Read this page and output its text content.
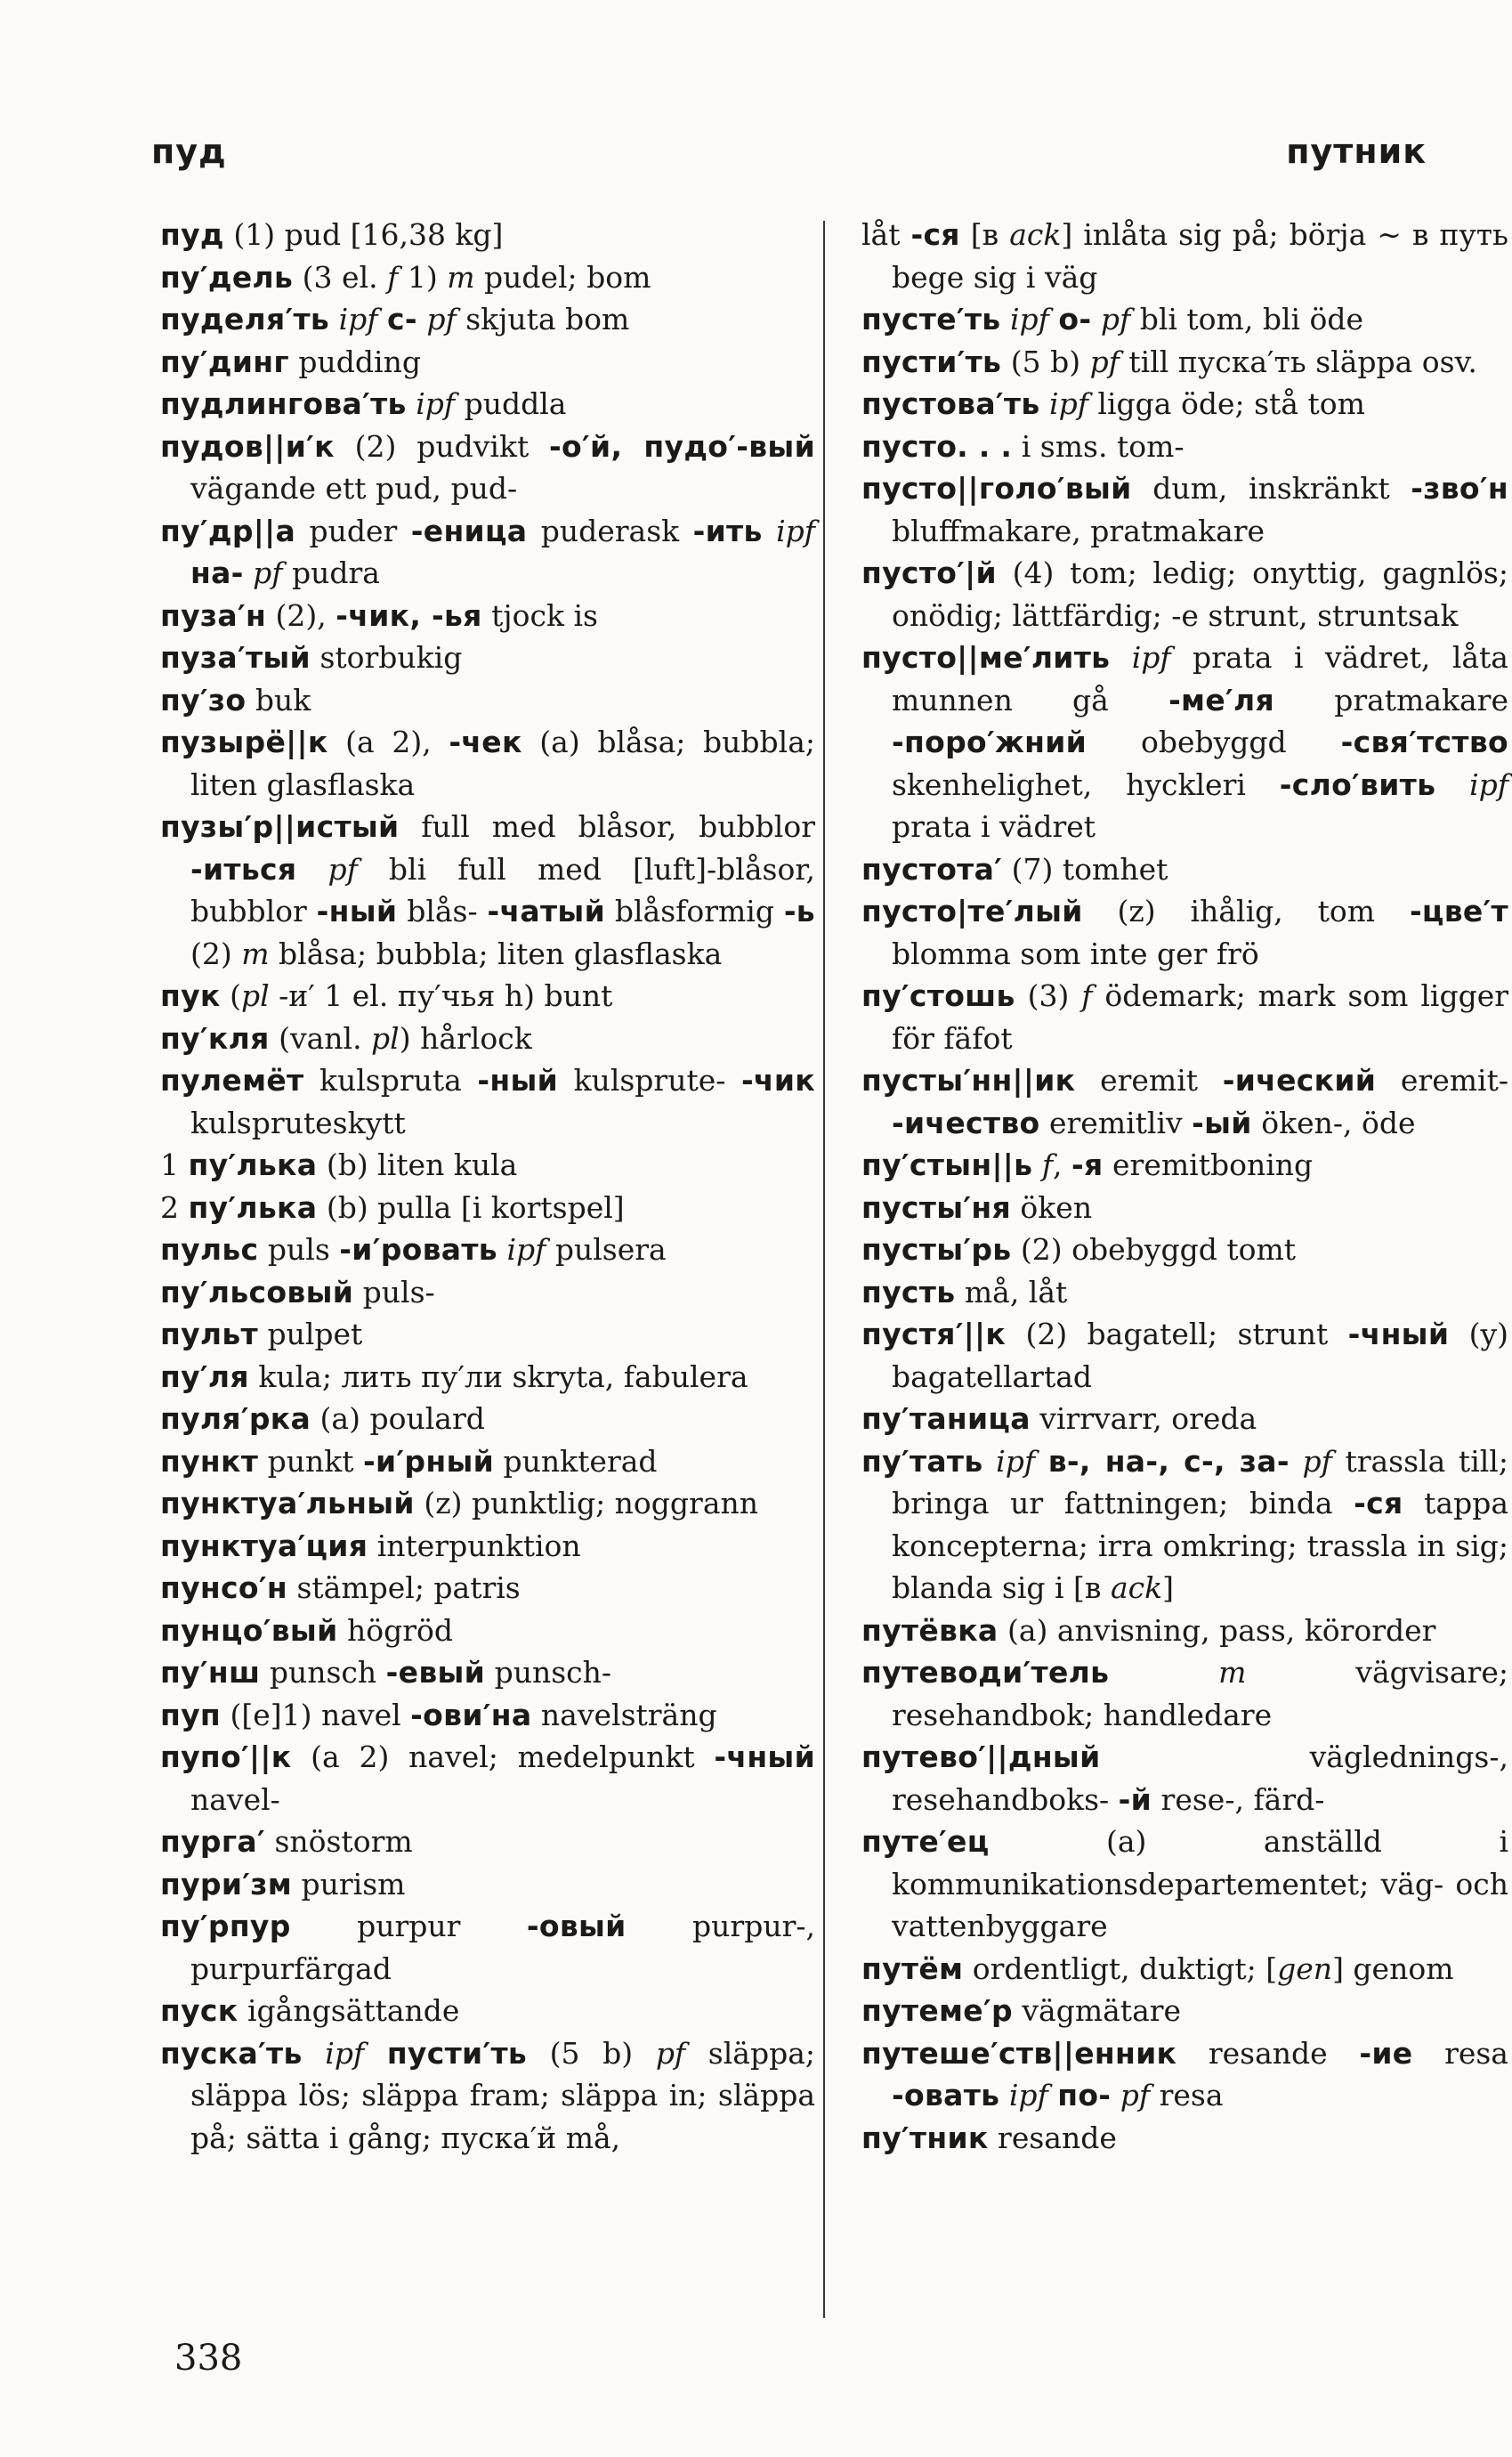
пуд	путник
пуд (1) pud [16,38 kg]
пу′дель (3 el. f 1) m pudel; bom
пуделя′ть ipf с- pf skjuta bom
пу′динг pudding
пудлингова′ть ipf puddla
пудов||и′к (2) pudvikt -о′й, пудо′-вый vägande ett pud, pud-
пу′др||а puder -еница puderask -ить ipf на- pf pudra
пуза′н (2), -чик, -ья tjock is
пуза′тый storbukig
пу′зо buk
пузырё||к (a 2), -чек (a) blåsa; bubbla; liten glasflaska
пузы′р||истый full med blåsor, bubblor -иться pf bli full med [luft]-blåsor, bubblor -ный blås- -чатый blåsformig -ь (2) m blåsa; bubbla; liten glasflaska
пук (pl -и′ 1 el. пу′чья h) bunt
пу′кля (vanl. pl) hårlock
пулемёт kulspruta -ный kulsprute- -чик kulspruteskytt
1 пу′лька (b) liten kula
2 пу′лька (b) pulla [i kortspel]
пульс puls -и′ровать ipf pulsera
пу′льсовый puls-
пульт pulpet
пу′ля kula; лить пу′ли skryta, fabulera
пуля′рка (a) poulard
пункт punkt -и′рный punkterad
пунктуа′льный (z) punktlig; noggrann
пунктуа′ция interpunktion
пунсо′н stämpel; patris
пунцо′вый högröd
пу′нш punsch -евый punsch-
пуп ([e]1) navel -ови′на navelsträng
пупо′||к (a 2) navel; medelpunkt -чный navel-
пурга′ snöstorm
пури′зм purism
пу′рпур purpur -овый purpur-, purpurfärgad
пуск igångsättande
пуска′ть ipf пусти′ть (5 b) pf släppa; släppa lös; släppa fram; släppa in; släppa på; sätta i gång; пуска′й må,
låt -ся [в ack] inlåta sig på; börja ∼ в путь bege sig i väg
пусте′ть ipf о- pf bli tom, bli öde
пусти′ть (5 b) pf till пуска′ть släppa osv.
пустова′ть ipf ligga öde; stå tom
пусто. . . i sms. tom-
пусто||голо′вый dum, inskränkt -зво′н bluffmakare, pratmakare
пусто′|й (4) tom; ledig; onyttig, gagnlös; onödig; lättfärdig; -е strunt, struntsak
пусто||ме′лить ipf prata i vädret, låta munnen gå -ме′ля pratmakare -поро′жний obebyggd -свя′тство skenhelighet, hyckleri -сло′вить ipf prata i vädret
пустота′ (7) tomhet
пусто|те′лый (z) ihålig, tom -цве′т blomma som inte ger frö
пу′стошь (3) f ödemark; mark som ligger för fäfot
пусты′нн||ик eremit -ический eremit- -ичество eremitliv -ый öken-, öde
пу′стын||ь f, -я eremitboning
пусты′ня öken
пусты′рь (2) obebyggd tomt
пусть må, låt
пустя′||к (2) bagatell; strunt -чный (y) bagatellartad
пу′таница virrvarr, oreda
пу′тать ipf в-, на-, с-, за- pf trassla till; bringa ur fattningen; binda -ся tappa koncepterna; irra omkring; trassla in sig; blanda sig i [в ack]
путёвка (a) anvisning, pass, körorder
путеводи′тель	m vägvisare; resehandbok; handledare
путево′||дный väglednings-, resehandboks- -й rese-, färd-
путе′ец (a) anställd i kommunikationsdepartementet; väg- och vattenbyggare
путём ordentligt, duktigt; [gen] genom
путеме′р vägmätare
путеше′ств||енник resande -ие resa -овать ipf по- pf resa
пу′тник resande
338
